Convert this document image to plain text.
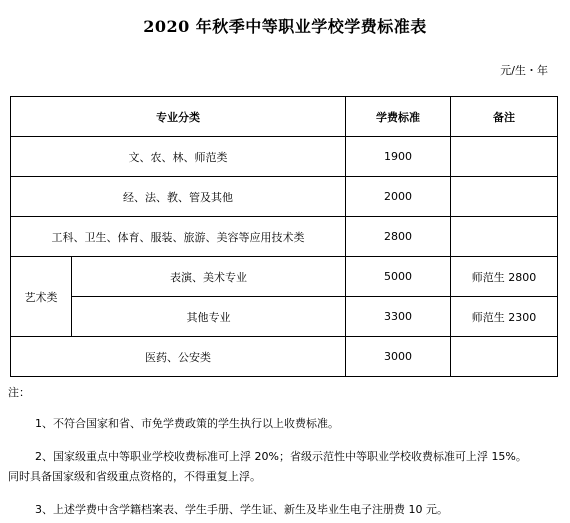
2020 年秋季中等职业学校学费标准表
元/生・年
专业分类		学费标准	备注
文、农、林、师范类		1900	
经、法、教、管及其他		2000	
工科、卫生、体育、服装、旅游、美容等应用技术类		2800	
艺术类	表演、美术专业	5000	师范生 2800
	其他专业	3300	师范生 2300
医药、公安类		3000	

注：

1、不符合国家和省、市免学费政策的学生执行以上收费标准。

2、国家级重点中等职业学校收费标准可上浮 20%；省级示范性中等职业学校收费标准可上浮 15%。

同时具备国家级和省级重点资格的，不得重复上浮。

3、上述学费中含学籍档案表、学生手册、学生证、新生及毕业生电子注册费 10 元。
